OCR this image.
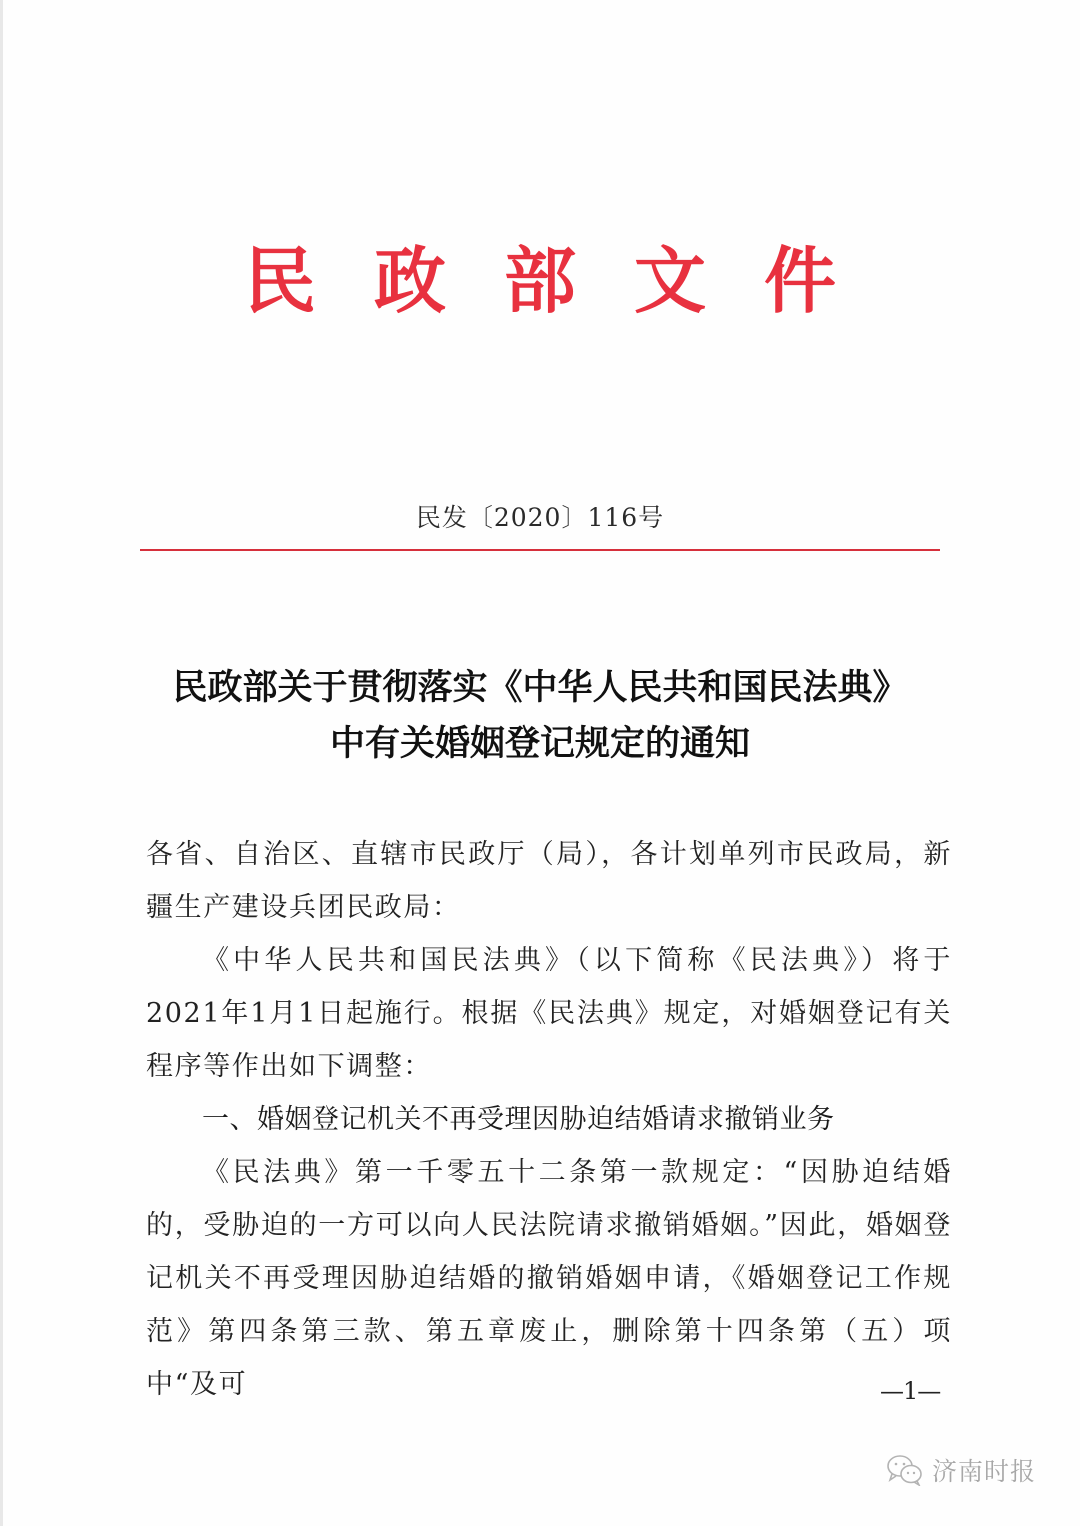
民政部文件
民发〔2020〕116号
民政部关于贯彻落实《中华人民共和国民法典》
中有关婚姻登记规定的通知

各省、自治区、直辖市民政厅（局），各计划单列市民政局，新疆生产建设兵团民政局：

《中华人民共和国民法典》（以下简称《民法典》）将于2021年1月1日起施行。根据《民法典》规定，对婚姻登记有关程序等作出如下调整：

一、婚姻登记机关不再受理因胁迫结婚请求撤销业务

《民法典》第一千零五十二条第一款规定：“因胁迫结婚的，受胁迫的一方可以向人民法院请求撤销婚姻。”因此，婚姻登记机关不再受理因胁迫结婚的撤销婚姻申请，《婚姻登记工作规范》第四条第三款、第五章废止，删除第十四条第（五）项中“及可	—1—
济南时报
